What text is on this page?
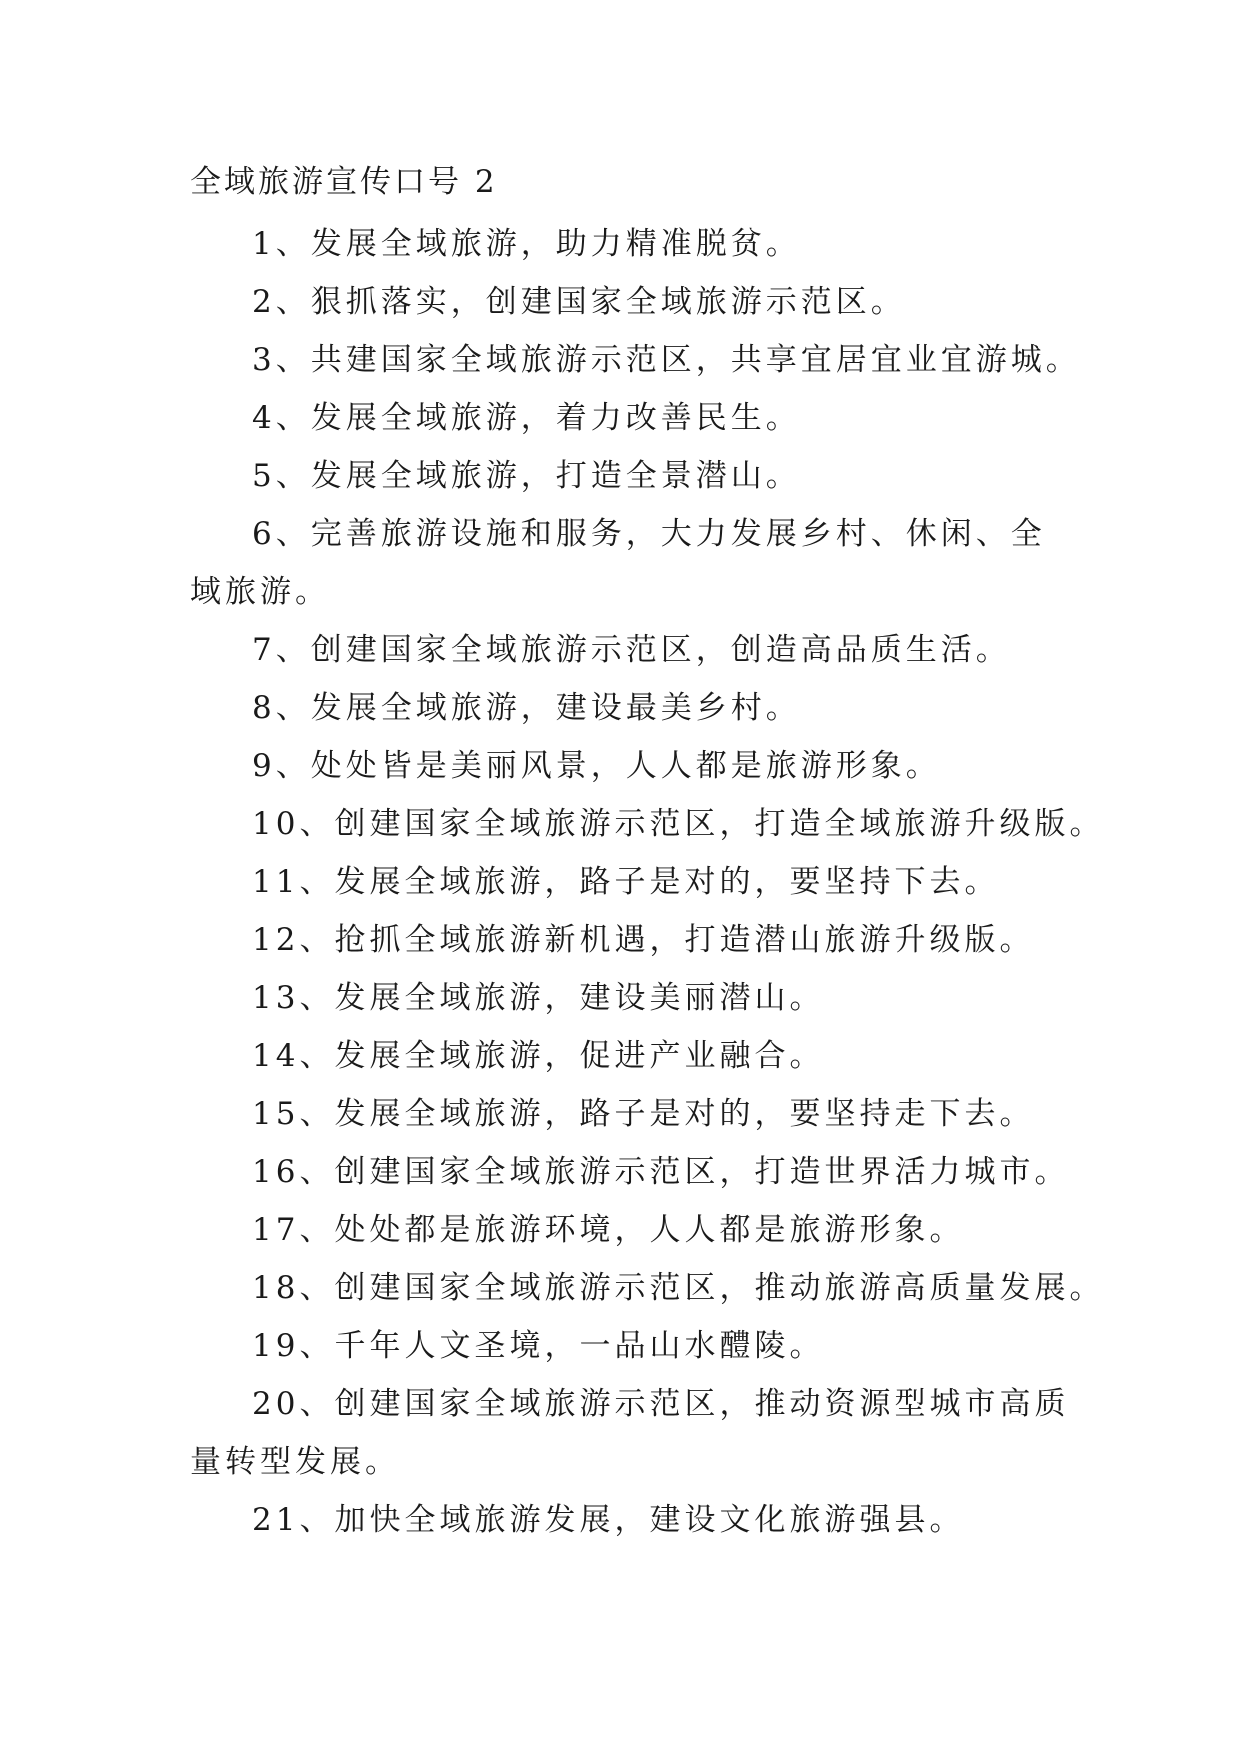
全域旅游宣传口号 2

1、发展全域旅游，助力精准脱贫。

2、狠抓落实，创建国家全域旅游示范区。

3、共建国家全域旅游示范区，共享宜居宜业宜游城。

4、发展全域旅游，着力改善民生。

5、发展全域旅游，打造全景潜山。

6、完善旅游设施和服务，大力发展乡村、休闲、全域旅游。

7、创建国家全域旅游示范区，创造高品质生活。

8、发展全域旅游，建设最美乡村。

9、处处皆是美丽风景，人人都是旅游形象。

10、创建国家全域旅游示范区，打造全域旅游升级版。

11、发展全域旅游，路子是对的，要坚持下去。

12、抢抓全域旅游新机遇，打造潜山旅游升级版。

13、发展全域旅游，建设美丽潜山。

14、发展全域旅游，促进产业融合。

15、发展全域旅游，路子是对的，要坚持走下去。

16、创建国家全域旅游示范区，打造世界活力城市。

17、处处都是旅游环境，人人都是旅游形象。

18、创建国家全域旅游示范区，推动旅游高质量发展。

19、千年人文圣境，一品山水醴陵。

20、创建国家全域旅游示范区，推动资源型城市高质量转型发展。

21、加快全域旅游发展，建设文化旅游强县。
